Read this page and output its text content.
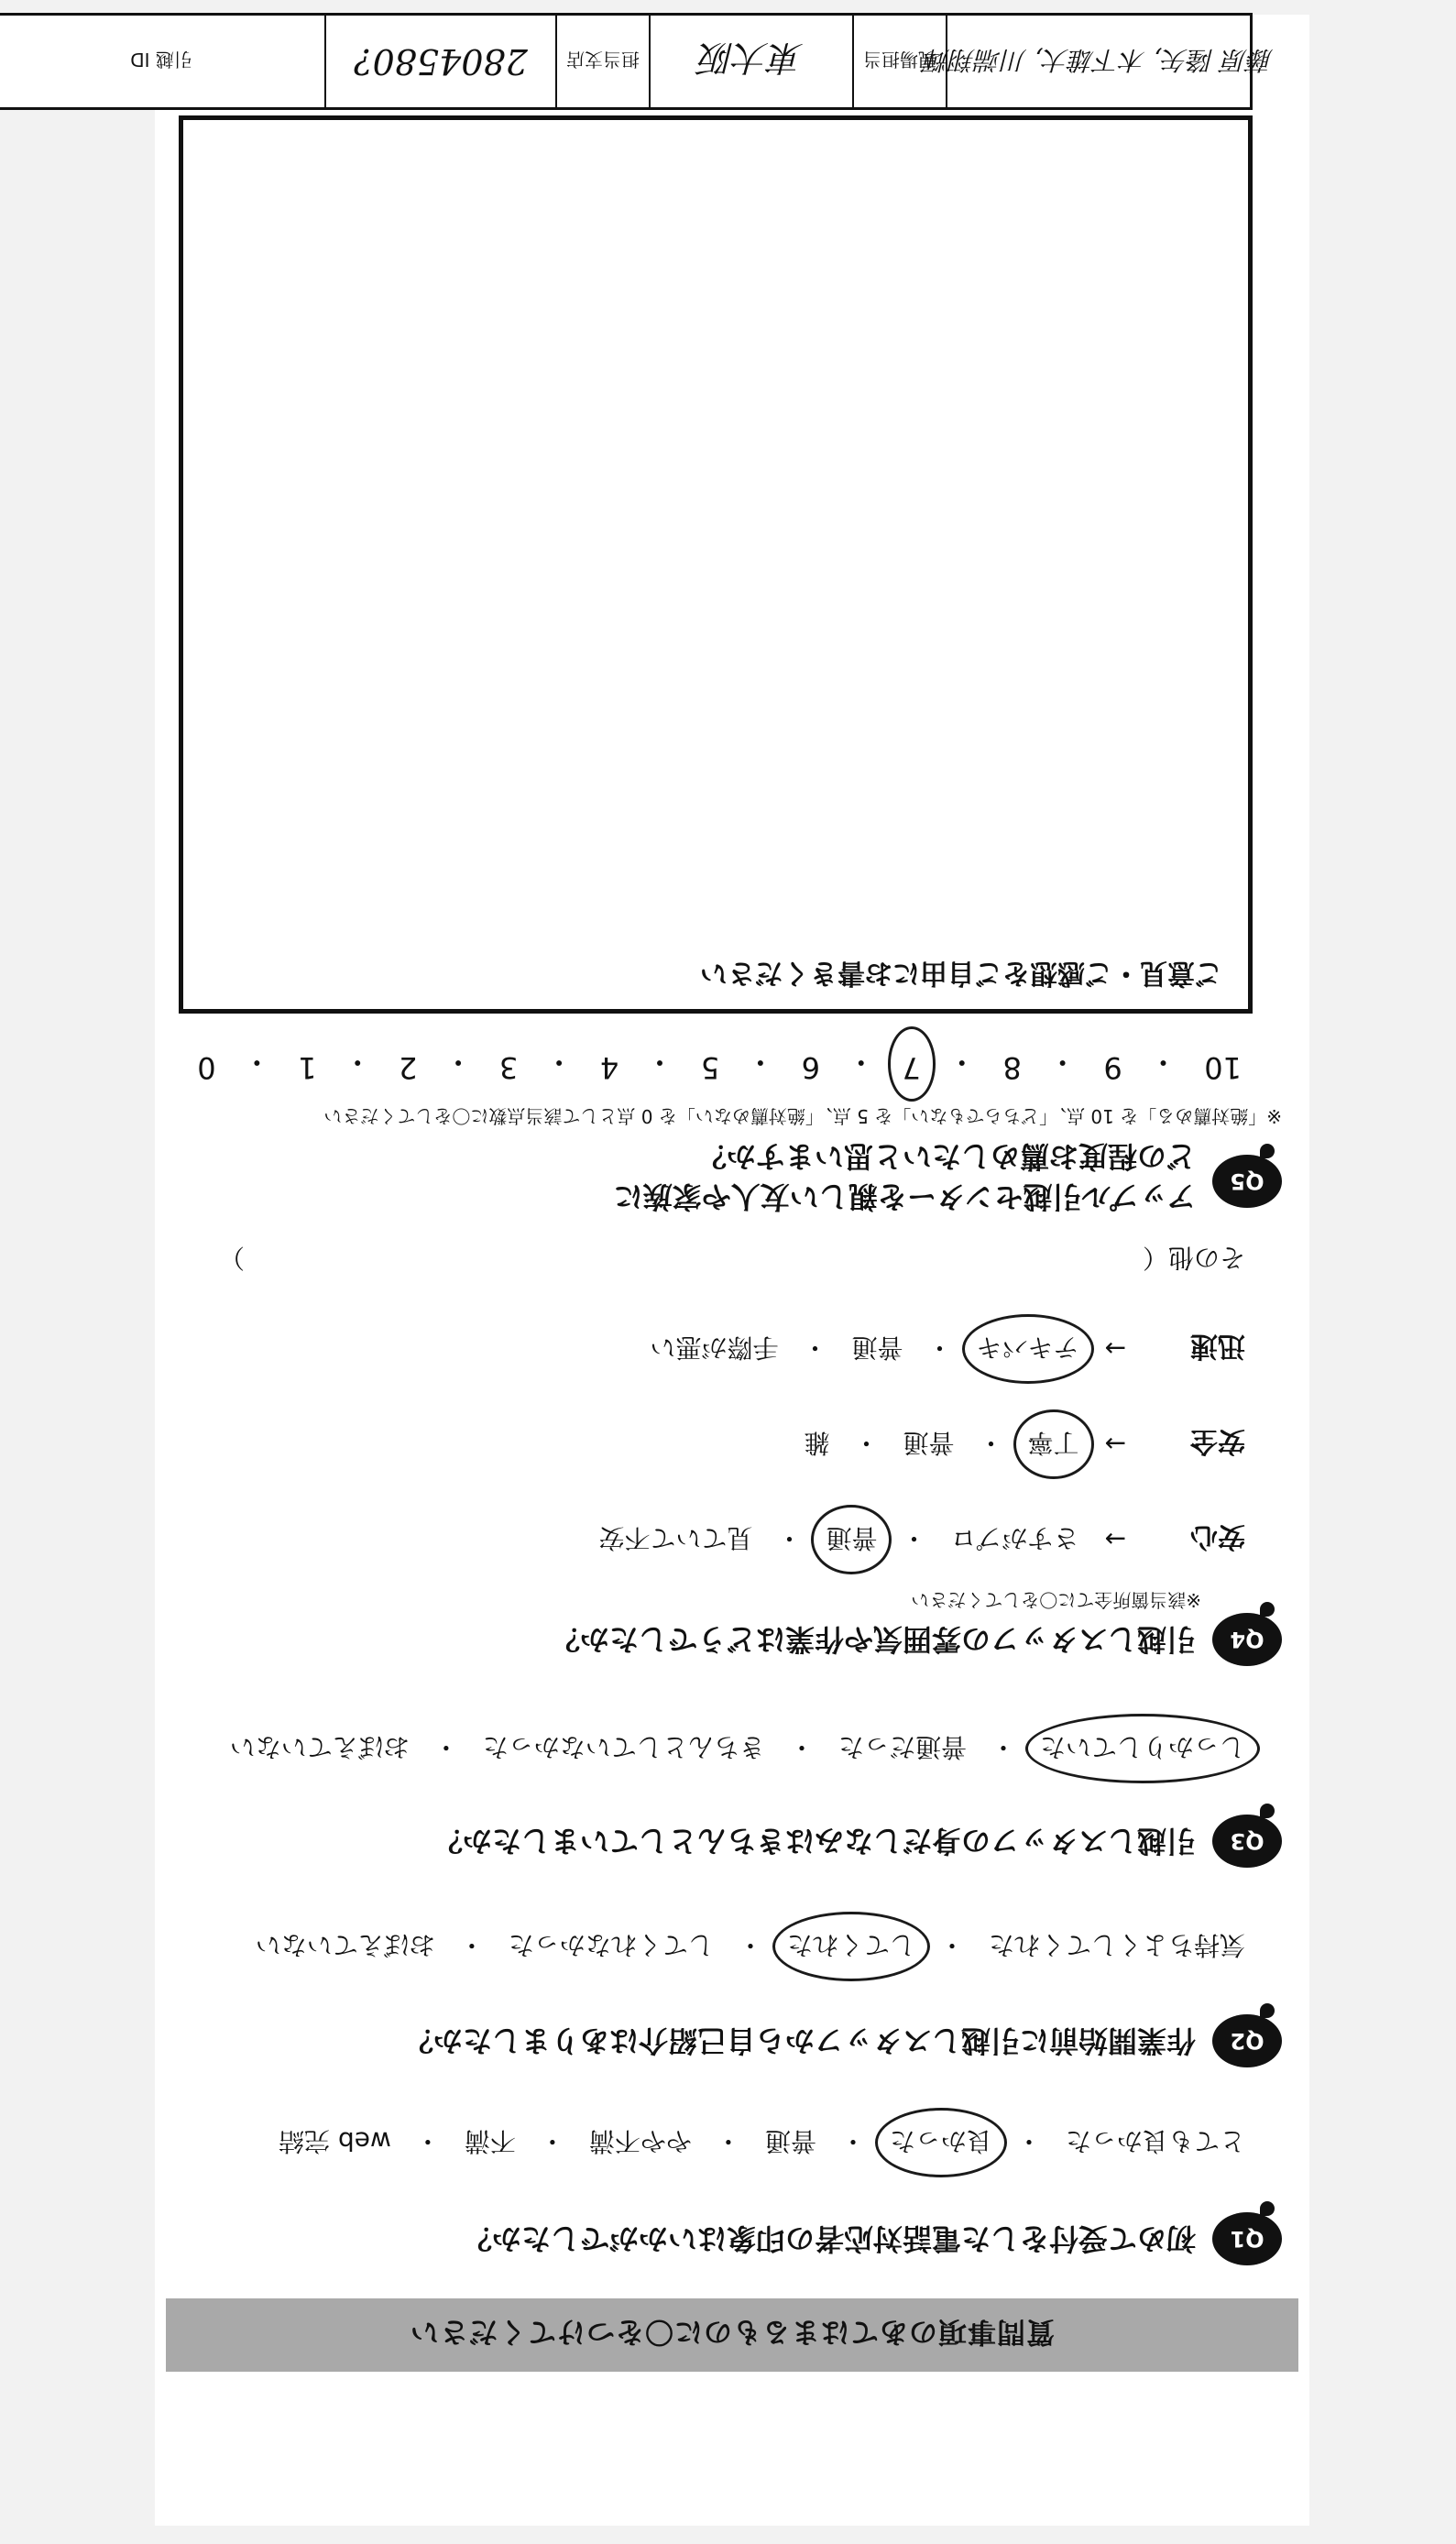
質問事項のあてはまるものに〇をつけてください
Q1
初めて受付をした電話対応者の印象はいかがでしたか？
とても良かった
・
良かった
・
普通
・
やや不満
・
不満
・
web 完結
Q2
作業開始前に引越しスタッフから自己紹介はありましたか？
気持ちよくしてくれた
・
してくれた
・
してくれなかった
・
おぼえていない
Q3
引越しスタッフの身だしなみはきちんとしていましたか？
しっかりしていた
・
普通だった
・
きちんとしていなかった
・
おぼえていない
Q4
引越しスタッフの雰囲気や作業はどうでしたか？
※該当箇所全てに〇をしてください
安心
→
さすがプロ
・
普通
・
見ていて不安
安全
→
丁寧
・
普通
・
雑
迅速
→
テキパキ
・
普通
・
手際が悪い
その他（
）
Q5
アップル引越センターを親しい友人や家族に
どの程度お薦めしたいと思いますか？
※「絶対薦める」を 10 点、「どちらでもない」を 5 点、「絶対薦めない」を 0 点として該当点数に〇をしてください
10
・
9
・
8
・
7
・
6
・
5
・
4
・
3
・
2
・
1
・
0
ご意見・ご感想をご自由にお書きください
藤原 隆矢, 木下雄大, 川端翔輝
現場担当
東大阪
担当支店
2804580?
引越 ID
